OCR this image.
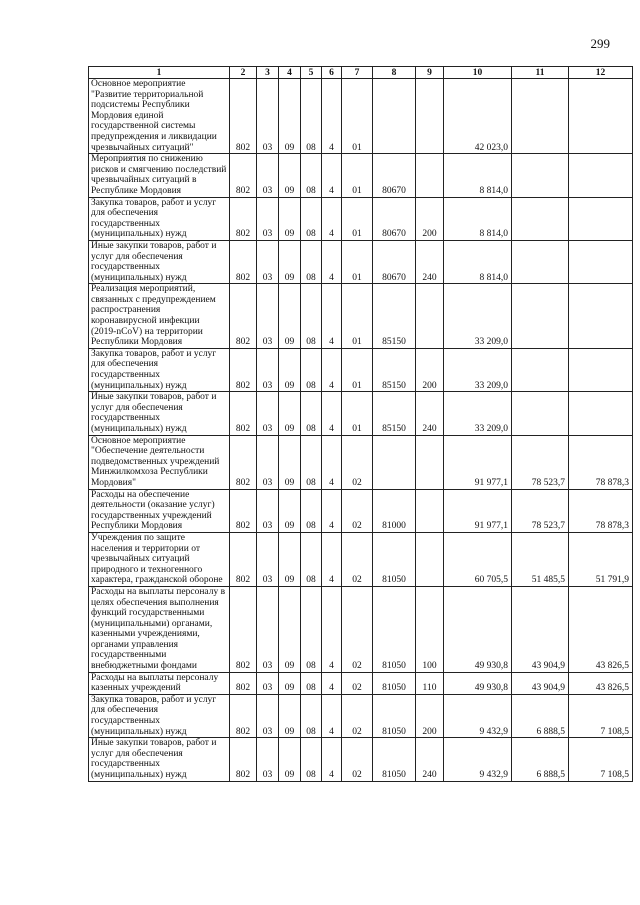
299
1	2	3	4	5	6	7	8	9	10	11	12
Основное мероприятие "Развитие территориальной подсистемы Республики Мордовия единой государственной системы предупреждения и ликвидации чрезвычайных ситуаций"	802	03	09	08	4	01			42 023,0		
Мероприятия по снижению рисков и смягчению последствий чрезвычайных ситуаций в Республике Мордовия	802	03	09	08	4	01	80670		8 814,0		
Закупка товаров, работ и услуг для обеспечения государственных (муниципальных) нужд	802	03	09	08	4	01	80670	200	8 814,0		
Иные закупки товаров, работ и услуг для обеспечения государственных (муниципальных) нужд	802	03	09	08	4	01	80670	240	8 814,0		
Реализация мероприятий, связанных с предупреждением распространения коронавирусной инфекции (2019-nCoV) на территории Республики Мордовия	802	03	09	08	4	01	85150		33 209,0		
Закупка товаров, работ и услуг для обеспечения государственных (муниципальных) нужд	802	03	09	08	4	01	85150	200	33 209,0		
Иные закупки товаров, работ и услуг для обеспечения государственных (муниципальных) нужд	802	03	09	08	4	01	85150	240	33 209,0		
Основное мероприятие "Обеспечение деятельности подведомственных учреждений Минжилкомхоза Республики Мордовия"	802	03	09	08	4	02			91 977,1	78 523,7	78 878,3
Расходы на обеспечение деятельности (оказание услуг) государственных учреждений Республики Мордовия	802	03	09	08	4	02	81000		91 977,1	78 523,7	78 878,3
Учреждения по защите населения и территории от чрезвычайных ситуаций природного и техногенного характера, гражданской обороне	802	03	09	08	4	02	81050		60 705,5	51 485,5	51 791,9
Расходы на выплаты персоналу в целях обеспечения выполнения функций государственными (муниципальными) органами, казенными учреждениями, органами управления государственными внебюджетными фондами	802	03	09	08	4	02	81050	100	49 930,8	43 904,9	43 826,5
Расходы на выплаты персоналу казенных учреждений	802	03	09	08	4	02	81050	110	49 930,8	43 904,9	43 826,5
Закупка товаров, работ и услуг для обеспечения государственных (муниципальных) нужд	802	03	09	08	4	02	81050	200	9 432,9	6 888,5	7 108,5
Иные закупки товаров, работ и услуг для обеспечения государственных (муниципальных) нужд	802	03	09	08	4	02	81050	240	9 432,9	6 888,5	7 108,5
